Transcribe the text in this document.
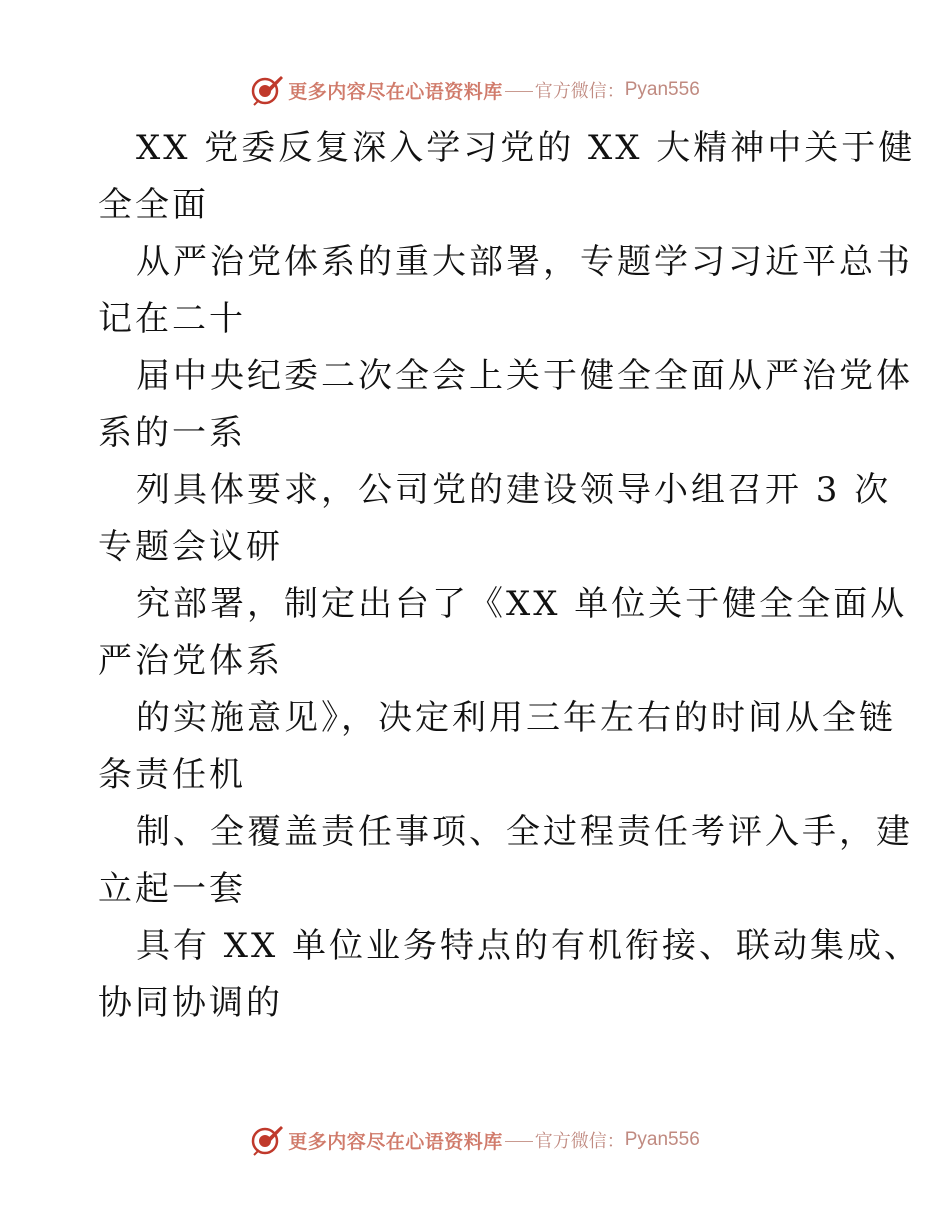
更多内容尽在心语资料库 官方微信： Pyan556
XX 党委反复深入学习党的 XX 大精神中关于健
全全面
从严治党体系的重大部署，专题学习习近平总书
记在二十
届中央纪委二次全会上关于健全全面从严治党体
系的一系
列具体要求，公司党的建设领导小组召开 3 次
专题会议研
究部署，制定出台了《XX 单位关于健全全面从
严治党体系
的实施意见》，决定利用三年左右的时间从全链
条责任机
制、全覆盖责任事项、全过程责任考评入手，建
立起一套
具有 XX 单位业务特点的有机衔接、联动集成、
协同协调的
更多内容尽在心语资料库 官方微信： Pyan556
